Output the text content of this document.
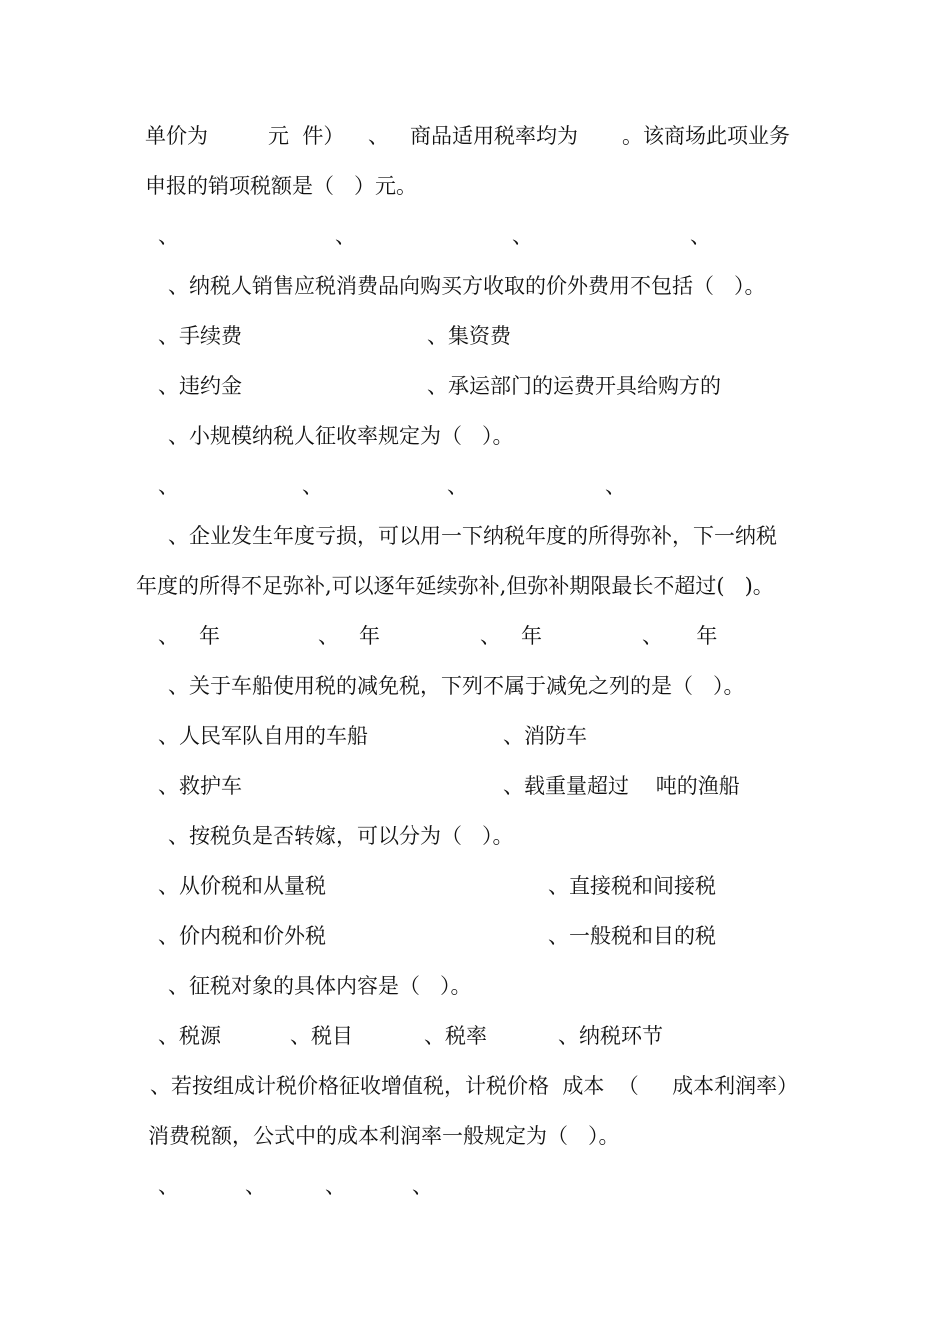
单价为	元  件） 、 商品适用税率均为 。该商场此项业务
申报的销项税额是（   ）元。
、	、	、	、
、纳税人销售应税消费品向购买方收取的价外费用不包括（   ）。
、手续费	、集资费
、违约金	、承运部门的运费开具给购方的
、小规模纳税人征收率规定为（   ）。
、	、	、	、
、企业发生年度亏损，可以用一下纳税年度的所得弥补，下一纳税
年度的所得不足弥补,可以逐年延续弥补,但弥补期限最长不超过(   )。
、   年	、   年	、   年	、     年
、关于车船使用税的减免税，下列不属于减免之列的是（   ）。
、人民军队自用的车船	、消防车
、救护车	、载重量超过    吨的渔船
、按税负是否转嫁，可以分为（   ）。
、从价税和从量税	、直接税和间接税
、价内税和价外税	、一般税和目的税
、征税对象的具体内容是（   ）。
、税源	、税目	、税率	、纳税环节
、若按组成计税价格征收增值税，计税价格  成本  （     成本利润率）
消费税额，公式中的成本利润率一般规定为（   ）。
、	、	、	、
